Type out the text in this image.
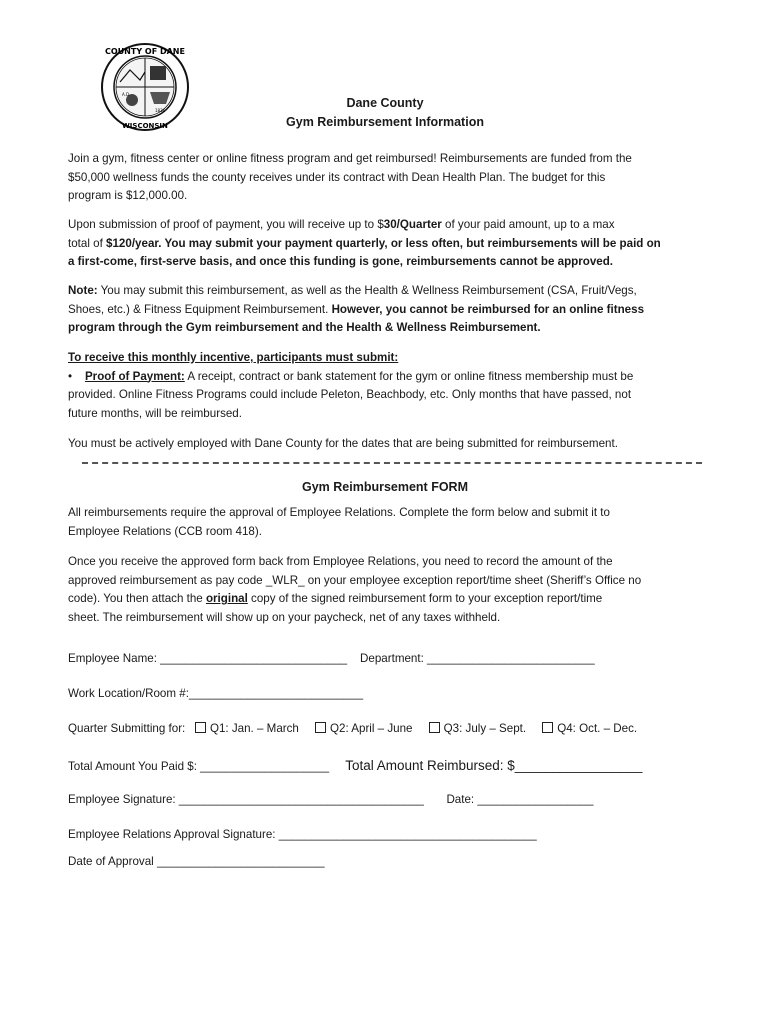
COUNTY OF DANE
WISCONSIN
A.D.
1836
Dane County
Gym Reimbursement Information
Join a gym, fitness center or online fitness program and get reimbursed! Reimbursements are funded from the
$50,000 wellness funds the county receives under its contract with Dean Health Plan. The budget for this
program is $12,000.00.
Upon submission of proof of payment, you will receive up to $30/Quarter of your paid amount, up to a max
total of $120/year. You may submit your payment quarterly, or less often, but reimbursements will be paid on
a first-come, first-serve basis, and once this funding is gone, reimbursements cannot be approved.
Note: You may submit this reimbursement, as well as the Health & Wellness Reimbursement (CSA, Fruit/Vegs,
Shoes, etc.) & Fitness Equipment Reimbursement. However, you cannot be reimbursed for an online fitness
program through the Gym reimbursement and the Health & Wellness Reimbursement.
To receive this monthly incentive, participants must submit:
• Proof of Payment: A receipt, contract or bank statement for the gym or online fitness membership must be
provided. Online Fitness Programs could include Peleton, Beachbody, etc. Only months that have passed, not
future months, will be reimbursed.
You must be actively employed with Dane County for the dates that are being submitted for reimbursement.
Gym Reimbursement FORM
All reimbursements require the approval of Employee Relations. Complete the form below and submit it to
Employee Relations (CCB room 418).
Once you receive the approved form back from Employee Relations, you need to record the amount of the
approved reimbursement as pay code _WLR_ on your employee exception report/time sheet (Sheriff’s Office no
code). You then attach the original copy of the signed reimbursement form to your exception report/time
sheet. The reimbursement will show up on your paycheck, net of any taxes withheld.
Employee Name: _____________________________ Department: __________________________
Work Location/Room #:___________________________
Quarter Submitting for: Q1: Jan. – March	Q2: April – June	Q3: July – Sept.	Q4: Oct. – Dec.
Total Amount You Paid $: ____________________ Total Amount Reimbursed: $_________________
Employee Signature: ______________________________________ Date: __________________
Employee Relations Approval Signature: ________________________________________
Date of Approval __________________________
